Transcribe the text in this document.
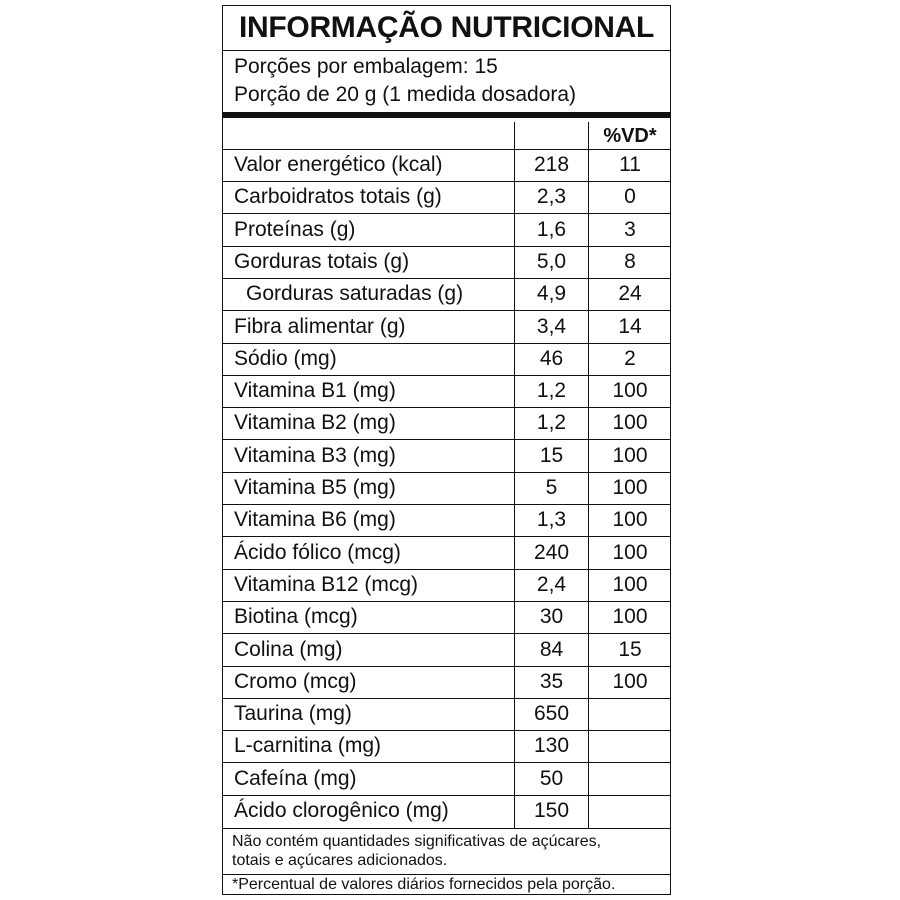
INFORMAÇÃO NUTRICIONAL
Porções por embalagem: 15
Porção de 20 g (1 medida dosadora)
%VD*
Valor energético (kcal)	218	11
Carboidratos totais (g)	2,3	0
Proteínas (g)	1,6	3
Gorduras totais (g)	5,0	8
Gorduras saturadas (g)	4,9	24
Fibra alimentar (g)	3,4	14
Sódio (mg)	46	2
Vitamina B1 (mg)	1,2	100
Vitamina B2 (mg)	1,2	100
Vitamina B3 (mg)	15	100
Vitamina B5 (mg)	5	100
Vitamina B6 (mg)	1,3	100
Ácido fólico (mcg)	240	100
Vitamina B12 (mcg)	2,4	100
Biotina (mcg)	30	100
Colina (mg)	84	15
Cromo (mcg)	35	100
Taurina (mg)	650
L-carnitina (mg)	130
Cafeína (mg)	50
Ácido clorogênico (mg)	150
Não contém quantidades significativas de açúcares,
totais e açúcares adicionados.
*Percentual de valores diários fornecidos pela porção.
